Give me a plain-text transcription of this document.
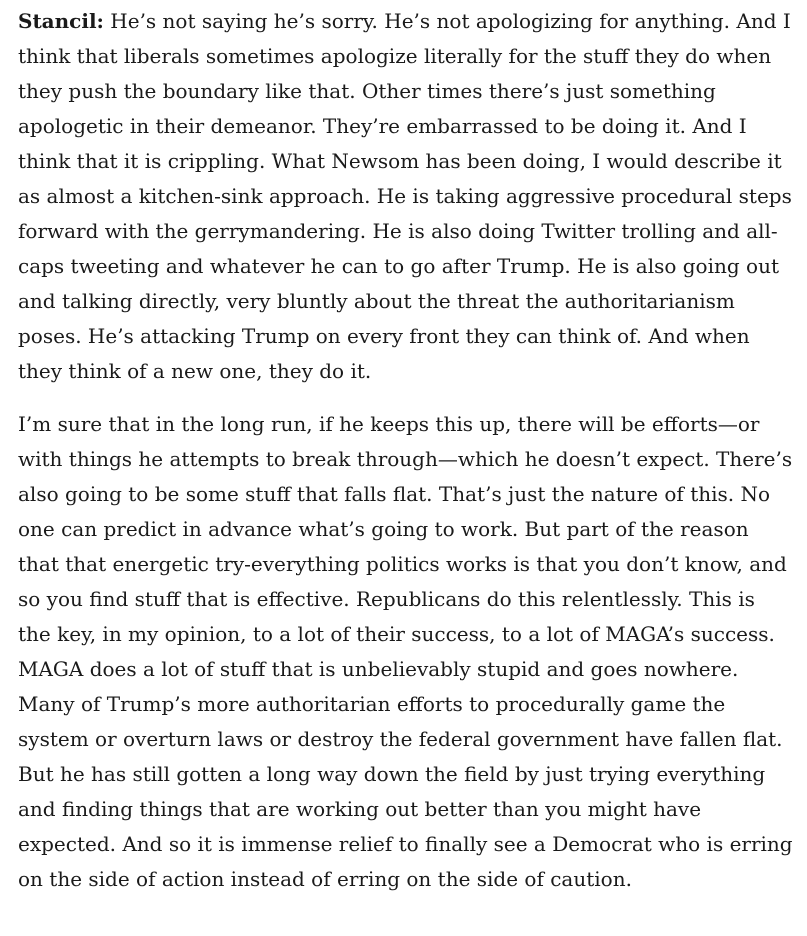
Stancil: He’s not saying he’s sorry. He’s not apologizing for anything. And I think that liberals sometimes apologize literally for the stuff they do when they push the boundary like that. Other times there’s just something apologetic in their demeanor. They’re embarrassed to be doing it. And I think that it is crippling. What Newsom has been doing, I would describe it as almost a kitchen-sink approach. He is taking aggressive procedural steps forward with the gerrymandering. He is also doing Twitter trolling and all-caps tweeting and whatever he can to go after Trump. He is also going out and talking directly, very bluntly about the threat the authoritarianism poses. He’s attacking Trump on every front they can think of. And when they think of a new one, they do it.

I’m sure that in the long run, if he keeps this up, there will be efforts—or with things he attempts to break through—which he doesn’t expect. There’s also going to be some stuff that falls flat. That’s just the nature of this. No one can predict in advance what’s going to work. But part of the reason that that energetic try-everything politics works is that you don’t know, and so you find stuff that is effective. Republicans do this relentlessly. This is the key, in my opinion, to a lot of their success, to a lot of MAGA’s success. MAGA does a lot of stuff that is unbelievably stupid and goes nowhere. Many of Trump’s more authoritarian efforts to procedurally game the system or overturn laws or destroy the federal government have fallen flat. But he has still gotten a long way down the field by just trying everything and finding things that are working out better than you might have expected. And so it is immense relief to finally see a Democrat who is erring on the side of action instead of erring on the side of caution.
